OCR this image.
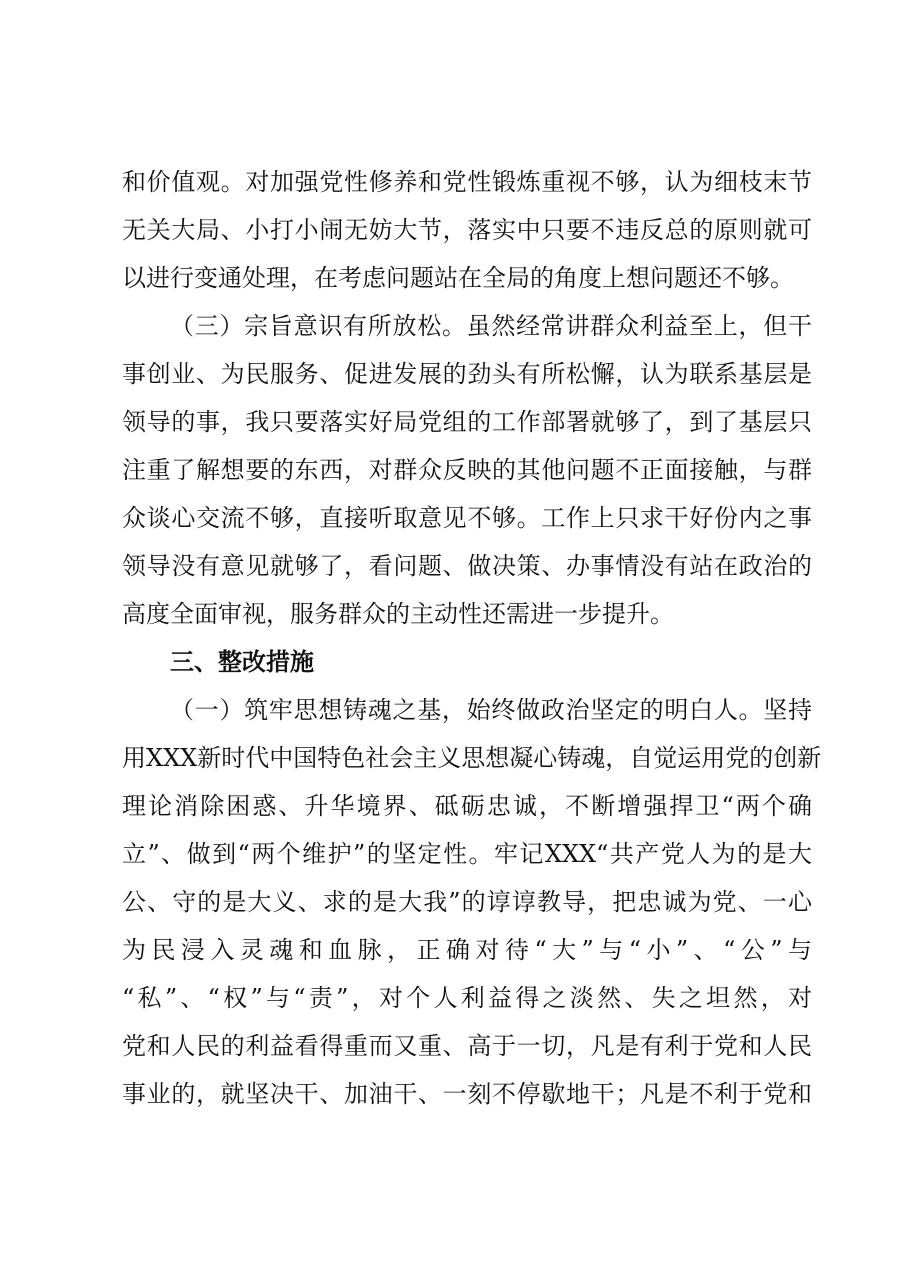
和价值观。对加强党性修养和党性锻炼重视不够，认为细枝末节
无关大局、小打小闹无妨大节，落实中只要不违反总的原则就可
以进行变通处理，在考虑问题站在全局的角度上想问题还不够。
（三）宗旨意识有所放松。虽然经常讲群众利益至上，但干
事创业、为民服务、促进发展的劲头有所松懈，认为联系基层是
领导的事，我只要落实好局党组的工作部署就够了，到了基层只
注重了解想要的东西，对群众反映的其他问题不正面接触，与群
众谈心交流不够，直接听取意见不够。工作上只求干好份内之事
领导没有意见就够了，看问题、做决策、办事情没有站在政治的
高度全面审视，服务群众的主动性还需进一步提升。
三、整改措施
（一）筑牢思想铸魂之基，始终做政治坚定的明白人。坚持
用XXX新时代中国特色社会主义思想凝心铸魂，自觉运用党的创新
理论消除困惑、升华境界、砥砺忠诚，不断增强捍卫“两个确
立”、做到“两个维护”的坚定性。牢记XXX“共产党人为的是大
公、守的是大义、求的是大我”的谆谆教导，把忠诚为党、一心
为民浸入灵魂和血脉，正确对待“大”与“小”、“公”与
“私”、“权”与“责”，对个人利益得之淡然、失之坦然，对
党和人民的利益看得重而又重、高于一切，凡是有利于党和人民
事业的，就坚决干、加油干、一刻不停歇地干；凡是不利于党和
